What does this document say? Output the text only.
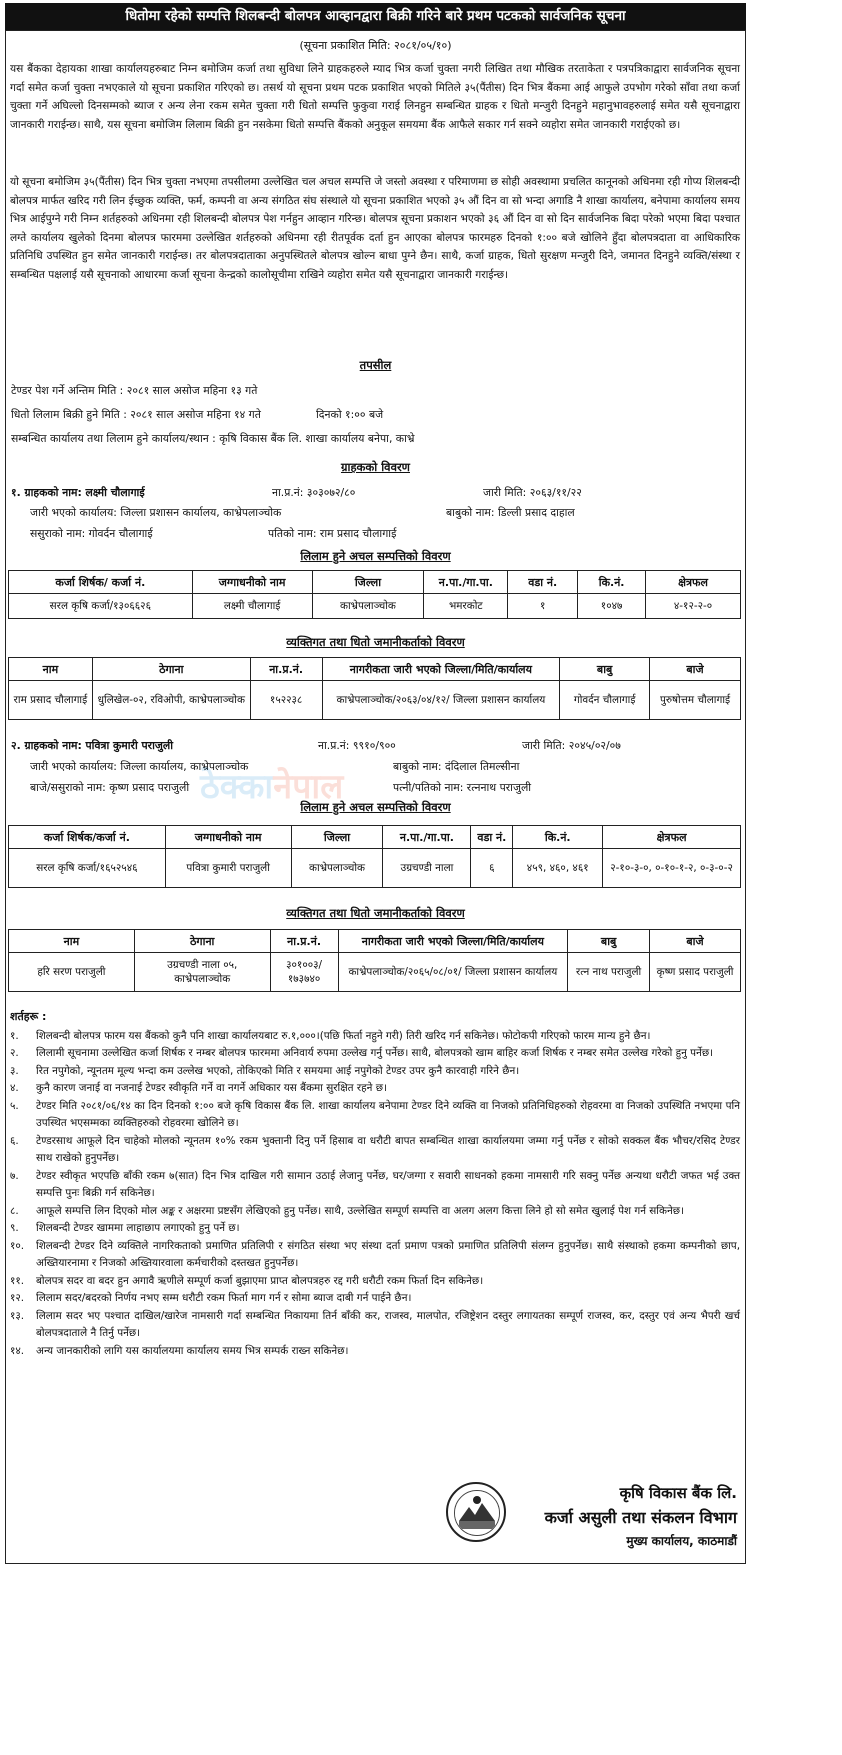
धितोमा रहेको सम्पत्ति शिलबन्दी बोलपत्र आव्हानद्वारा बिक्री गरिने बारे प्रथम पटकको सार्वजनिक सूचना
(सूचना प्रकाशित मिति: २०८१/०५/१०)
यस बैंकका देहायका शाखा कार्यालयहरुबाट निम्न बमोजिम कर्जा तथा सुविधा लिने ग्राहकहरुले म्याद भित्र कर्जा चुक्ता नगरी लिखित तथा मौखिक तरताकेता र पत्रपत्रिकाद्वारा सार्वजनिक सूचना गर्दा समेत कर्जा चुक्ता नभएकाले यो सूचना प्रकाशित गरिएको छ। तसर्थ यो सूचना प्रथम पटक प्रकाशित भएको मितिले ३५(पैंतीस) दिन भित्र बैंकमा आई आफुले उपभोग गरेको साँवा तथा कर्जा चुक्ता गर्ने अघिल्लो दिनसम्मको ब्याज र अन्य लेना रकम समेत चुक्ता गरी धितो सम्पत्ति फुकुवा गराई लिनहुन सम्बन्धित ग्राहक र धितो मन्जुरी दिनहुने महानुभावहरुलाई समेत यसै सूचनाद्वारा जानकारी गराईन्छ। साथै, यस सूचना बमोजिम लिलाम बिक्री हुन नसकेमा धितो सम्पत्ति बैंकको अनुकूल समयमा बैंक आफैले सकार गर्न सक्ने व्यहोरा समेत जानकारी गराईएको छ।
यो सूचना बमोजिम ३५(पैंतीस) दिन भित्र चुक्ता नभएमा तपसीलमा उल्लेखित चल अचल सम्पत्ति जे जस्तो अवस्था र परिमाणमा छ सोही अवस्थामा प्रचलित कानूनको अधिनमा रही गोप्य शिलबन्दी बोलपत्र मार्फत खरिद गरी लिन ईच्छुक व्यक्ति, फर्म, कम्पनी वा अन्य संगठित संघ संस्थाले यो सूचना प्रकाशित भएको ३५ औं दिन वा सो भन्दा अगाडि नै शाखा कार्यालय, बनेपामा कार्यालय समय भित्र आईपुग्ने गरी निम्न शर्तहरुको अधिनमा रही शिलबन्दी बोलपत्र पेश गर्नहुन आव्हान गरिन्छ। बोलपत्र सूचना प्रकाशन भएको ३६ औं दिन वा सो दिन सार्वजनिक बिदा परेको भएमा बिदा पश्चात लग्ते कार्यालय खुलेको दिनमा बोलपत्र फारममा उल्लेखित शर्तहरुको अधिनमा रही रीतपूर्वक दर्ता हुन आएका बोलपत्र फारमहरु दिनको १:०० बजे खोलिने हुँदा बोलपत्रदाता वा आधिकारिक प्रतिनिधि उपस्थित हुन समेत जानकारी गराईन्छ। तर बोलपत्रदाताका अनुपस्थितले बोलपत्र खोल्न बाधा पुग्ने छैन। साथै, कर्जा ग्राहक, धितो सुरक्षण मन्जुरी दिने, जमानत दिनहुने व्यक्ति/संस्था र सम्बन्धित पक्षलाई यसै सूचनाको आधारमा कर्जा सूचना केन्द्रको कालोसूचीमा राखिने व्यहोरा समेत यसै सूचनाद्वारा जानकारी गराईन्छ।
तपसील
टेण्डर पेश गर्ने अन्तिम मिति : २०८१ साल असोज महिना १३ गते
धितो लिलाम बिक्री हुने मिति : २०८१ साल असोज महिना १४ गते	दिनको १:०० बजे
सम्बन्धित कार्यालय तथा लिलाम हुने कार्यालय/स्थान : कृषि विकास बैंक लि. शाखा कार्यालय बनेपा, काभ्रे
ग्राहकको विवरण
१. ग्राहकको नाम: लक्ष्मी चौलागाई	ना.प्र.नं: ३०३०७२/८०	जारी मिति: २०६३/११/२२
जारी भएको कार्यालय: जिल्ला प्रशासन कार्यालय, काभ्रेपलाञ्चोक	बाबुको नाम: डिल्ली प्रसाद दाहाल
ससुराको नाम: गोवर्दन चौलागाई	पतिको नाम: राम प्रसाद चौलागाई
लिलाम हुने अचल सम्पत्तिको विवरण
कर्जा शिर्षक/ कर्जा नं.	जग्गाधनीको नाम	जिल्ला	न.पा./गा.पा.	वडा नं.	कि.नं.	क्षेत्रफल
सरल कृषि कर्जा/१३०६६२६	लक्ष्मी चौलागाई	काभ्रेपलाञ्चोक	भमरकोट	१	१०४७	४-१२-२-०
व्यक्तिगत तथा धितो जमानीकर्ताको विवरण
नाम	ठेगाना	ना.प्र.नं.	नागरीकता जारी भएको जिल्ला/मिति/कार्यालय	बाबु	बाजे
राम प्रसाद चौलागाई	धुलिखेल-०२, रविओपी, काभ्रेपलाञ्चोक	१५२२३८	काभ्रेपलाञ्चोक/२०६३/०४/१२/ जिल्ला प्रशासन कार्यालय	गोवर्दन चौलागाई	पुरुषोत्तम चौलागाई
२. ग्राहकको नाम: पवित्रा कुमारी पराजुली	ना.प्र.नं: ९९१०/९००	जारी मिति: २०४५/०२/०७
जारी भएको कार्यालय: जिल्ला कार्यालय, काभ्रेपलाञ्चोक	बाबुको नाम: दंदिलाल तिमल्सीना
बाजे/ससुराको नाम: कृष्ण प्रसाद पराजुली	पत्नी/पतिको नाम: रत्ननाथ पराजुली
ठेक्कानेपाल
लिलाम हुने अचल सम्पत्तिको विवरण
कर्जा शिर्षक/कर्जा नं.	जग्गाधनीको नाम	जिल्ला	न.पा./गा.पा.	वडा नं.	कि.नं.	क्षेत्रफल
सरल कृषि कर्जा/१६५२५४६	पवित्रा कुमारी पराजुली	काभ्रेपलाञ्चोक	उग्रचण्डी नाला	६	४५९, ४६०, ४६१	२-१०-३-०, ०-१०-१-२, ०-३-०-२
व्यक्तिगत तथा धितो जमानीकर्ताको विवरण
नाम	ठेगाना	ना.प्र.नं.	नागरीकता जारी भएको जिल्ला/मिति/कार्यालय	बाबु	बाजे
हरि सरण पराजुली	उग्रचण्डी नाला ०५, काभ्रेपलाञ्चोक	३०१००३/ १७३७४०	काभ्रेपलाञ्चोक/२०६५/०८/०१/ जिल्ला प्रशासन कार्यालय	रत्न नाथ पराजुली	कृष्ण प्रसाद पराजुली
शर्तहरू :
१. शिलबन्दी बोलपत्र फारम यस बैंकको कुनै पनि शाखा कार्यालयबाट रु.१,०००।(पछि फिर्ता नहुने गरी) तिरी खरिद गर्न सकिनेछ। फोटोकपी गरिएको फारम मान्य हुने छैन।
२. लिलामी सूचनामा उल्लेखित कर्जा शिर्षक र नम्बर बोलपत्र फारममा अनिवार्य रुपमा उल्लेख गर्नु पर्नेछ। साथै, बोलपत्रको खाम बाहिर कर्जा शिर्षक र नम्बर समेत उल्लेख गरेको हुनु पर्नेछ।
३. रित नपुगेको, न्यूनतम मूल्य भन्दा कम उल्लेख भएको, तोकिएको मिति र समयमा आई नपुगेको टेण्डर उपर कुनै कारवाही गरिने छैन।
४. कुनै कारण जनाई वा नजनाई टेण्डर स्वीकृति गर्ने वा नगर्ने अधिकार यस बैंकमा सुरक्षित रहने छ।
५. टेण्डर मिति २०८१/०६/१४ का दिन दिनको १:०० बजे कृषि विकास बैंक लि. शाखा कार्यालय बनेपामा टेण्डर दिने व्यक्ति वा निजको प्रतिनिधिहरुको रोहवरमा वा निजको उपस्थिति नभएमा पनि उपस्थित भएसम्मका व्यक्तिहरुको रोहवरमा खोलिने छ।
६. टेण्डरसाथ आफूले दिन चाहेको मोलको न्यूनतम १०% रकम भुक्तानी दिनु पर्ने हिसाब वा धरौटी बापत सम्बन्धित शाखा कार्यालयमा जम्मा गर्नु पर्नेछ र सोको सक्कल बैंक भौचर/रसिद टेण्डर साथ राखेको हुनुपर्नेछ।
७. टेण्डर स्वीकृत भएपछि बाँकी रकम ७(सात) दिन भित्र दाखिल गरी सामान उठाई लेजानु पर्नेछ, घर/जग्गा र सवारी साधनको हकमा नामसारी गरि सक्नु पर्नेछ अन्यथा धरौटी जफत भई उक्त सम्पत्ति पुनः बिक्री गर्न सकिनेछ।
८. आफूले सम्पत्ति लिन दिएको मोल अङ्क र अक्षरमा प्रष्टसँग लेखिएको हुनु पर्नेछ। साथै, उल्लेखित सम्पूर्ण सम्पत्ति वा अलग अलग कित्ता लिने हो सो समेत खुलाई पेश गर्न सकिनेछ।
९. शिलबन्दी टेण्डर खाममा लाहाछाप लगाएको हुनु पर्ने छ।
१०. शिलबन्दी टेण्डर दिने व्यक्तिले नागरिकताको प्रमाणित प्रतिलिपी र संगठित संस्था भए संस्था दर्ता प्रमाण पत्रको प्रमाणित प्रतिलिपी संलग्न हुनुपर्नेछ। साथै संस्थाको हकमा कम्पनीको छाप, अख्तियारनामा र निजको अख्तियारवाला कर्मचारीको दस्तखत हुनुपर्नेछ।
११. बोलपत्र सदर वा बदर हुन अगावै ऋणीले सम्पूर्ण कर्जा बुझाएमा प्राप्त बोलपत्रहरु रद्द गरी धरौटी रकम फिर्ता दिन सकिनेछ।
१२. लिलाम सदर/बदरको निर्णय नभए सम्म धरौटी रकम फिर्ता माग गर्न र सोमा ब्याज दाबी गर्न पाईने छैन।
१३. लिलाम सदर भए पश्चात दाखिल/खारेज नामसारी गर्दा सम्बन्धित निकायमा तिर्न बाँकी कर, राजस्व, मालपोत, रजिष्ट्रेशन दस्तुर लगायतका सम्पूर्ण राजस्व, कर, दस्तुर एवं अन्य भैपरी खर्च बोलपत्रदाताले नै तिर्नु पर्नेछ।
१४. अन्य जानकारीको लागि यस कार्यालयमा कार्यालय समय भित्र सम्पर्क राख्न सकिनेछ।
कृषि विकास बैंक लि.
कर्जा असुली तथा संकलन विभाग
मुख्य कार्यालय, काठमाडौं
